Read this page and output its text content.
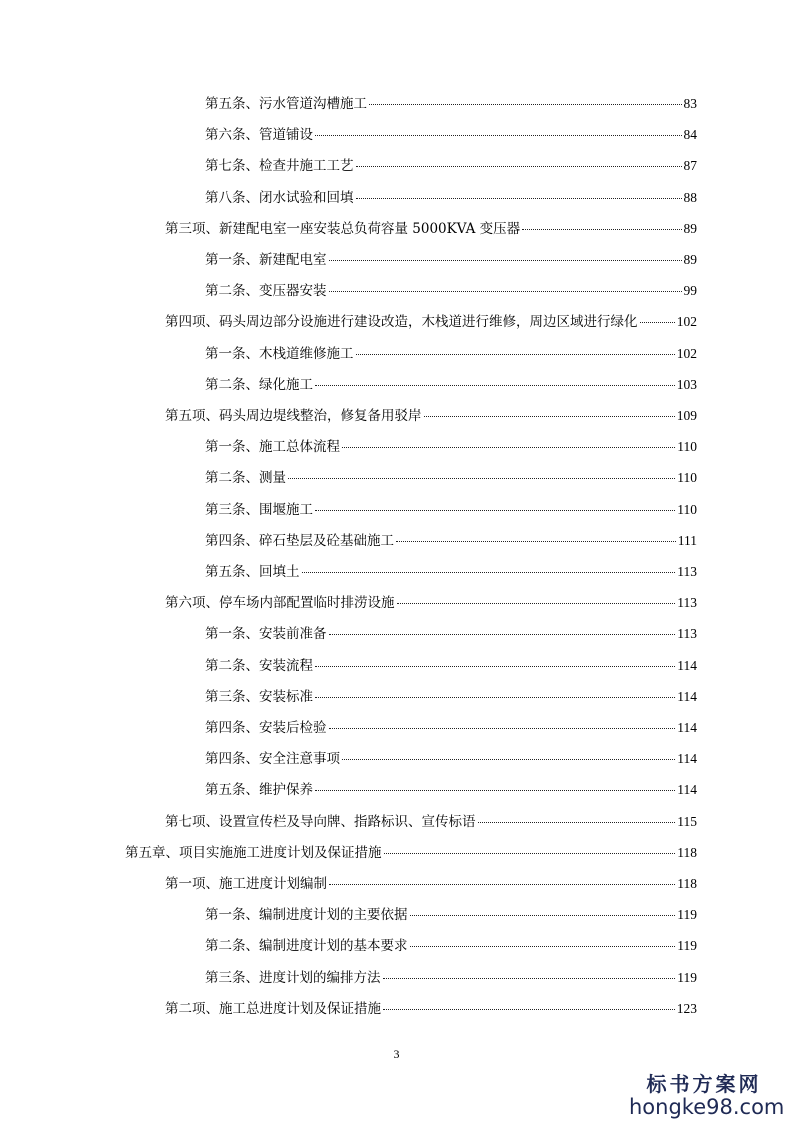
第五条、污水管道沟槽施工	83
第六条、管道铺设	84
第七条、检查井施工工艺	87
第八条、闭水试验和回填	88
第三项、新建配电室一座安装总负荷容量 5000KVA 变压器	89
第一条、新建配电室	89
第二条、变压器安装	99
第四项、码头周边部分设施进行建设改造，木栈道进行维修，周边区域进行绿化	102
第一条、木栈道维修施工	102
第二条、绿化施工	103
第五项、码头周边堤线整治，修复备用驳岸	109
第一条、施工总体流程	110
第二条、测量	110
第三条、围堰施工	110
第四条、碎石垫层及砼基础施工	111
第五条、回填土	113
第六项、停车场内部配置临时排涝设施	113
第一条、安装前准备	113
第二条、安装流程	114
第三条、安装标准	114
第四条、安装后检验	114
第四条、安全注意事项	114
第五条、维护保养	114
第七项、设置宣传栏及导向牌、指路标识、宣传标语	115
第五章、项目实施施工进度计划及保证措施	118
第一项、施工进度计划编制	118
第一条、编制进度计划的主要依据	119
第二条、编制进度计划的基本要求	119
第三条、进度计划的编排方法	119
第二项、施工总进度计划及保证措施	123
3
标书方案网
hongke98.com
